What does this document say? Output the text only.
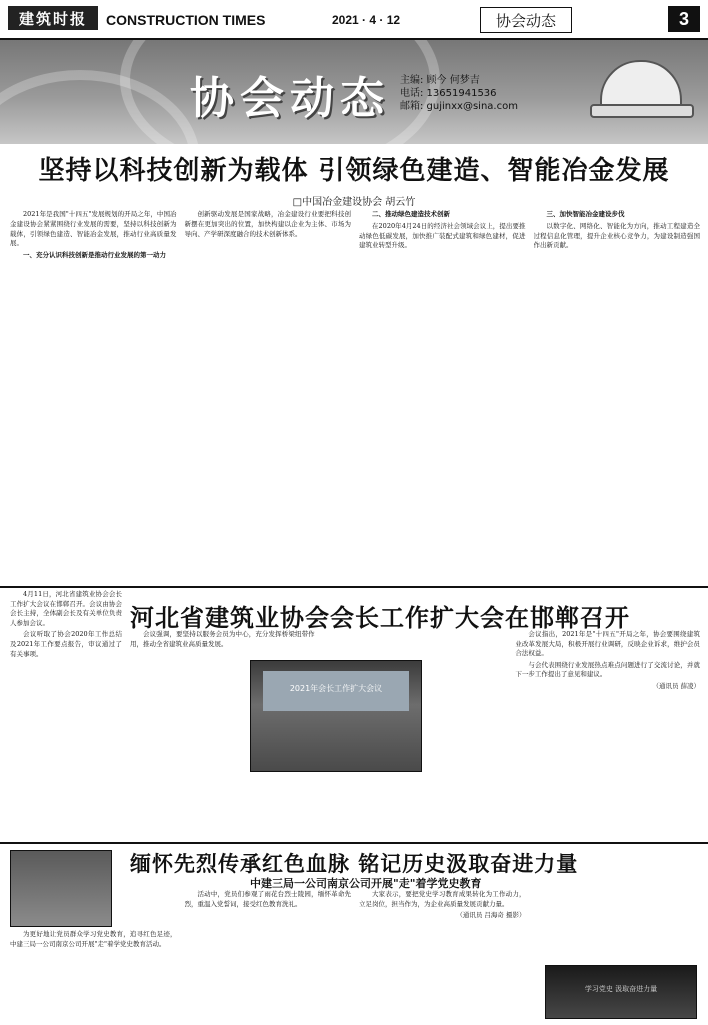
建筑时报	CONSTRUCTION TIMES	2021 · 4 · 12	协会动态	3
协会动态 主编: 顾今 何梦吉
电话: 13651941536
邮箱: gujinxx@sina.com
坚持以科技创新为载体 引领绿色建造、智能冶金发展
□中国冶金建设协会 胡云竹

2021年是我国"十四五"发展规划的开局之年，中国冶金建设协会紧紧围绕行业发展的需要，坚持以科技创新为载体，引领绿色建造、智能冶金发展，推动行业高质量发展。

一、充分认识科技创新是推动行业发展的第一动力

创新驱动发展是国家战略，冶金建设行业要把科技创新摆在更加突出的位置，加快构建以企业为主体、市场为导向、产学研深度融合的技术创新体系。

二、推动绿色建造技术创新

在2020年4月24日的经济社会领域会议上，提出要推动绿色低碳发展，加快推广装配式建筑和绿色建材，促进建筑业转型升级。

三、加快智能冶金建设步伐

以数字化、网络化、智能化为方向，推动工程建造全过程信息化管理，提升企业核心竞争力，为建设制造强国作出新贡献。

4月11日，河北省建筑业协会会长工作扩大会议在邯郸召开。会议由协会会长主持，全体副会长及有关单位负责人参加会议。

会议听取了协会2020年工作总结及2021年工作要点报告，审议通过了有关事项。

河北省建筑业协会会长工作扩大会在邯郸召开

会议强调，要坚持以服务会员为中心，充分发挥桥梁纽带作用，推动全省建筑业高质量发展。

会议指出，2021年是"十四五"开局之年，协会要围绕建筑业改革发展大局，积极开展行业调研，反映企业诉求，维护会员合法权益。

与会代表围绕行业发展热点难点问题进行了交流讨论，并就下一步工作提出了意见和建议。

（通讯员 薛凌）

2021年会长工作扩大会议
缅怀先烈传承红色血脉 铭记历史汲取奋进力量
中建三局一公司南京公司开展"走"着学党史教育

为更好地让党员群众学习党史教育，追寻红色足迹，中建三局一公司南京公司开展"走"着学党史教育活动。

活动中，党员们参观了雨花台烈士陵园，缅怀革命先烈，重温入党誓词，接受红色教育洗礼。

大家表示，要把党史学习教育成果转化为工作动力，立足岗位，担当作为，为企业高质量发展贡献力量。

（通讯员 吕海奇 摄影）

学习党史 汲取奋进力量
